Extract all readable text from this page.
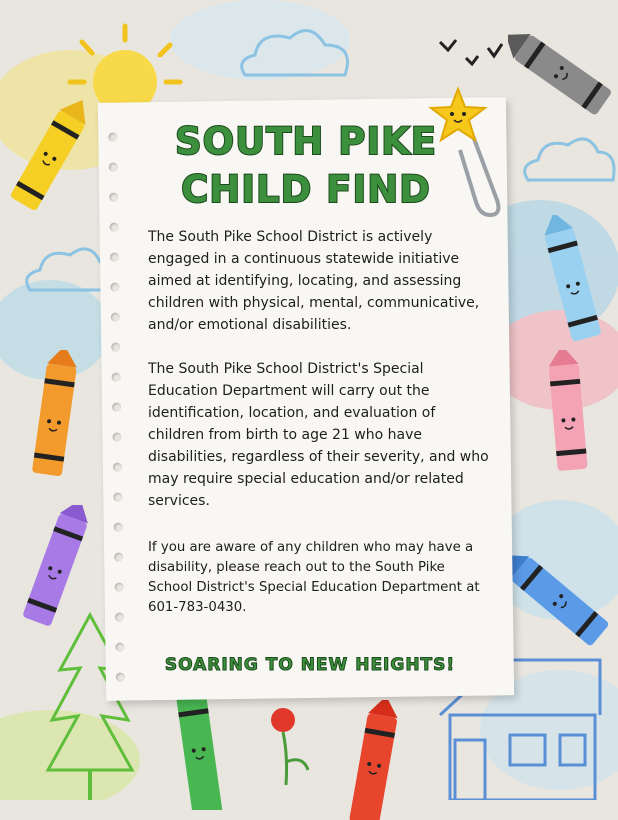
SOUTH PIKE
CHILD FIND

The South Pike School District is actively engaged in a continuous statewide initiative aimed at identifying, locating, and assessing children with physical, mental, communicative, and/or emotional disabilities.

The South Pike School District's Special Education Department will carry out the identification, location, and evaluation of children from birth to age 21 who have disabilities, regardless of their severity, and who may require special education and/or related services.

If you are aware of any children who may have a disability, please reach out to the South Pike School District's Special Education Department at 601-783-0430.

SOARING TO NEW HEIGHTS!
